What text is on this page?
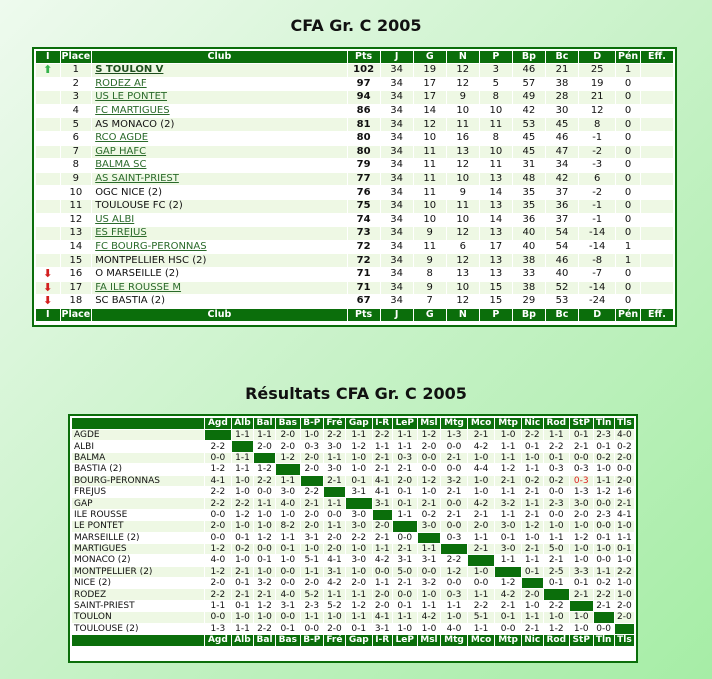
CFA Gr. C 2005
I	Place	Club	Pts	J	G	N	P	Bp	Bc	D	Pén	Eff.
⬆	1	S TOULON V	102	34	19	12	3	46	21	25	1	
	2	RODEZ AF	97	34	17	12	5	57	38	19	0	
	3	US LE PONTET	94	34	17	9	8	49	28	21	0	
	4	FC MARTIGUES	86	34	14	10	10	42	30	12	0	
	5	AS MONACO (2)	81	34	12	11	11	53	45	8	0	
	6	RCO AGDE	80	34	10	16	8	45	46	-1	0	
	7	GAP HAFC	80	34	11	13	10	45	47	-2	0	
	8	BALMA SC	79	34	11	12	11	31	34	-3	0	
	9	AS SAINT-PRIEST	77	34	11	10	13	48	42	6	0	
	10	OGC NICE (2)	76	34	11	9	14	35	37	-2	0	
	11	TOULOUSE FC (2)	75	34	10	11	13	35	36	-1	0	
	12	US ALBI	74	34	10	10	14	36	37	-1	0	
	13	ES FREJUS	73	34	9	12	13	40	54	-14	0	
	14	FC BOURG-PERONNAS	72	34	11	6	17	40	54	-14	1	
	15	MONTPELLIER HSC (2)	72	34	9	12	13	38	46	-8	1	
⬇	16	O MARSEILLE (2)	71	34	8	13	13	33	40	-7	0	
⬇	17	FA ILE ROUSSE M	71	34	9	10	15	38	52	-14	0	
⬇	18	SC BASTIA (2)	67	34	7	12	15	29	53	-24	0	
I	Place	Club	Pts	J	G	N	P	Bp	Bc	D	Pén	Eff.
Résultats CFA Gr. C 2005
	Agd	Alb	Bal	Bas	B-P	Fré	Gap	I-R	LeP	Msl	Mtg	Mco	Mtp	Nic	Rod	StP	Tln	Tls
AGDE		1-1	1-1	2-0	1-0	2-2	1-1	2-2	1-1	1-2	1-3	2-1	1-0	2-2	1-1	0-1	2-3	4-0
ALBI	2-2		2-0	2-0	0-3	3-0	1-2	1-1	1-1	2-0	0-0	4-2	1-1	0-1	2-2	2-1	0-1	0-2
BALMA	0-0	1-1		1-2	2-0	1-1	1-0	2-1	0-3	0-0	2-1	1-0	1-1	1-0	0-1	0-0	0-2	2-0
BASTIA (2)	1-2	1-1	1-2		2-0	3-0	1-0	2-1	2-1	0-0	0-0	4-4	1-2	1-1	0-3	0-3	1-0	0-0
BOURG-PERONNAS	4-1	1-0	2-2	1-1		2-1	0-1	4-1	2-0	1-2	3-2	1-0	2-1	0-2	0-2	0-3	1-1	2-0
FREJUS	2-2	1-0	0-0	3-0	2-2		3-1	4-1	0-1	1-0	2-1	1-0	1-1	2-1	0-0	1-3	1-2	1-6
GAP	2-2	2-2	1-1	4-0	2-1	1-1		3-1	0-1	2-1	0-0	4-2	3-2	1-1	2-3	3-0	0-0	2-1
ILE ROUSSE	0-0	1-2	1-0	1-0	2-0	0-0	3-0		1-1	0-2	2-1	2-1	1-1	2-1	0-0	2-0	2-3	4-1
LE PONTET	2-0	1-0	1-0	8-2	2-0	1-1	3-0	2-0		3-0	0-0	2-0	3-0	1-2	1-0	1-0	0-0	1-0
MARSEILLE (2)	0-0	0-1	1-2	1-1	3-1	2-0	2-2	2-1	0-0		0-3	1-1	0-1	1-0	1-1	1-2	0-1	1-1
MARTIGUES	1-2	0-2	0-0	0-1	1-0	2-0	1-0	1-1	2-1	1-1		2-1	3-0	2-1	5-0	1-0	1-0	0-1
MONACO (2)	4-0	1-0	0-1	1-0	5-1	4-1	3-0	4-2	3-1	3-1	2-2		1-1	1-1	2-1	1-0	0-0	1-0
MONTPELLIER (2)	1-2	2-1	1-0	0-0	1-1	3-1	1-0	0-0	5-0	0-0	1-2	1-0		0-1	2-5	3-3	1-1	2-2
NICE (2)	2-0	0-1	3-2	0-0	2-0	4-2	2-0	1-1	2-1	3-2	0-0	0-0	1-2		0-1	0-1	0-2	1-0
RODEZ	2-2	2-1	2-1	4-0	5-2	1-1	1-1	2-0	0-0	1-0	0-3	1-1	4-2	2-0		2-1	2-2	1-0
SAINT-PRIEST	1-1	0-1	1-2	3-1	2-3	5-2	1-2	2-0	0-1	1-1	1-1	2-2	2-1	1-0	2-2		2-1	2-0
TOULON	0-0	1-0	1-0	0-0	1-1	1-0	1-1	4-1	1-1	4-2	1-0	5-1	0-1	1-1	1-0	1-0		2-0
TOULOUSE (2)	1-3	1-1	2-2	0-1	0-0	2-0	0-1	3-1	1-0	1-0	4-0	1-1	0-0	2-1	1-2	1-0	0-0	
	Agd	Alb	Bal	Bas	B-P	Fré	Gap	I-R	LeP	Msl	Mtg	Mco	Mtp	Nic	Rod	StP	Tln	Tls
